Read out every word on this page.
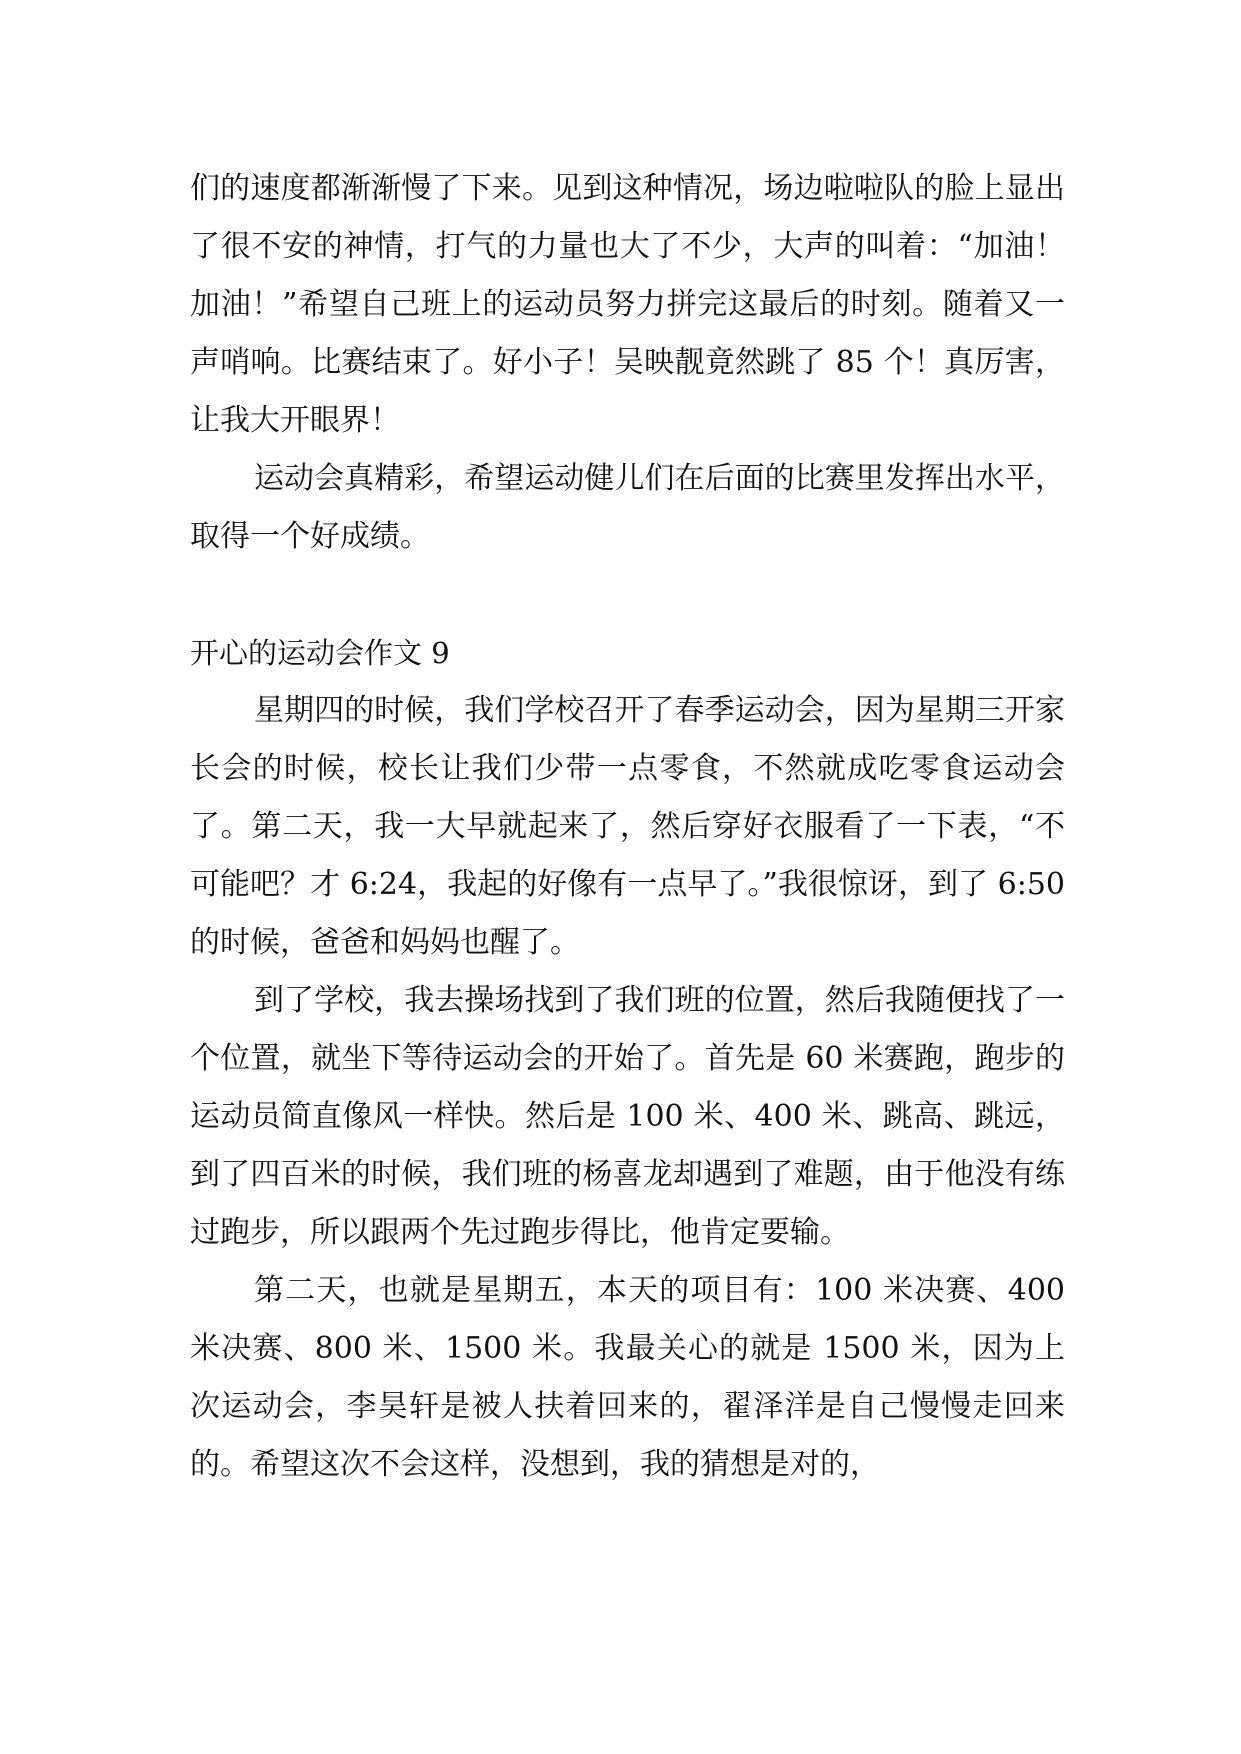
们的速度都渐渐慢了下来。见到这种情况，场边啦啦队的脸上显出了很不安的神情，打气的力量也大了不少，大声的叫着：“加油！加油！”希望自己班上的运动员努力拼完这最后的时刻。随着又一声哨响。比赛结束了。好小子！吴映靓竟然跳了 85 个！真厉害，让我大开眼界！

运动会真精彩，希望运动健儿们在后面的比赛里发挥出水平，取得一个好成绩。

开心的运动会作文 9

星期四的时候，我们学校召开了春季运动会，因为星期三开家长会的时候，校长让我们少带一点零食，不然就成吃零食运动会了。第二天，我一大早就起来了，然后穿好衣服看了一下表，“不可能吧？才 6:24，我起的好像有一点早了。”我很惊讶，到了 6:50 的时候，爸爸和妈妈也醒了。

到了学校，我去操场找到了我们班的位置，然后我随便找了一个位置，就坐下等待运动会的开始了。首先是 60 米赛跑，跑步的运动员简直像风一样快。然后是 100 米、400 米、跳高、跳远，到了四百米的时候，我们班的杨喜龙却遇到了难题，由于他没有练过跑步，所以跟两个先过跑步得比，他肯定要输。

第二天，也就是星期五，本天的项目有：100 米决赛、400 米决赛、800 米、1500 米。我最关心的就是 1500 米，因为上次运动会，李昊轩是被人扶着回来的，翟泽洋是自己慢慢走回来的。希望这次不会这样，没想到，我的猜想是对的，
